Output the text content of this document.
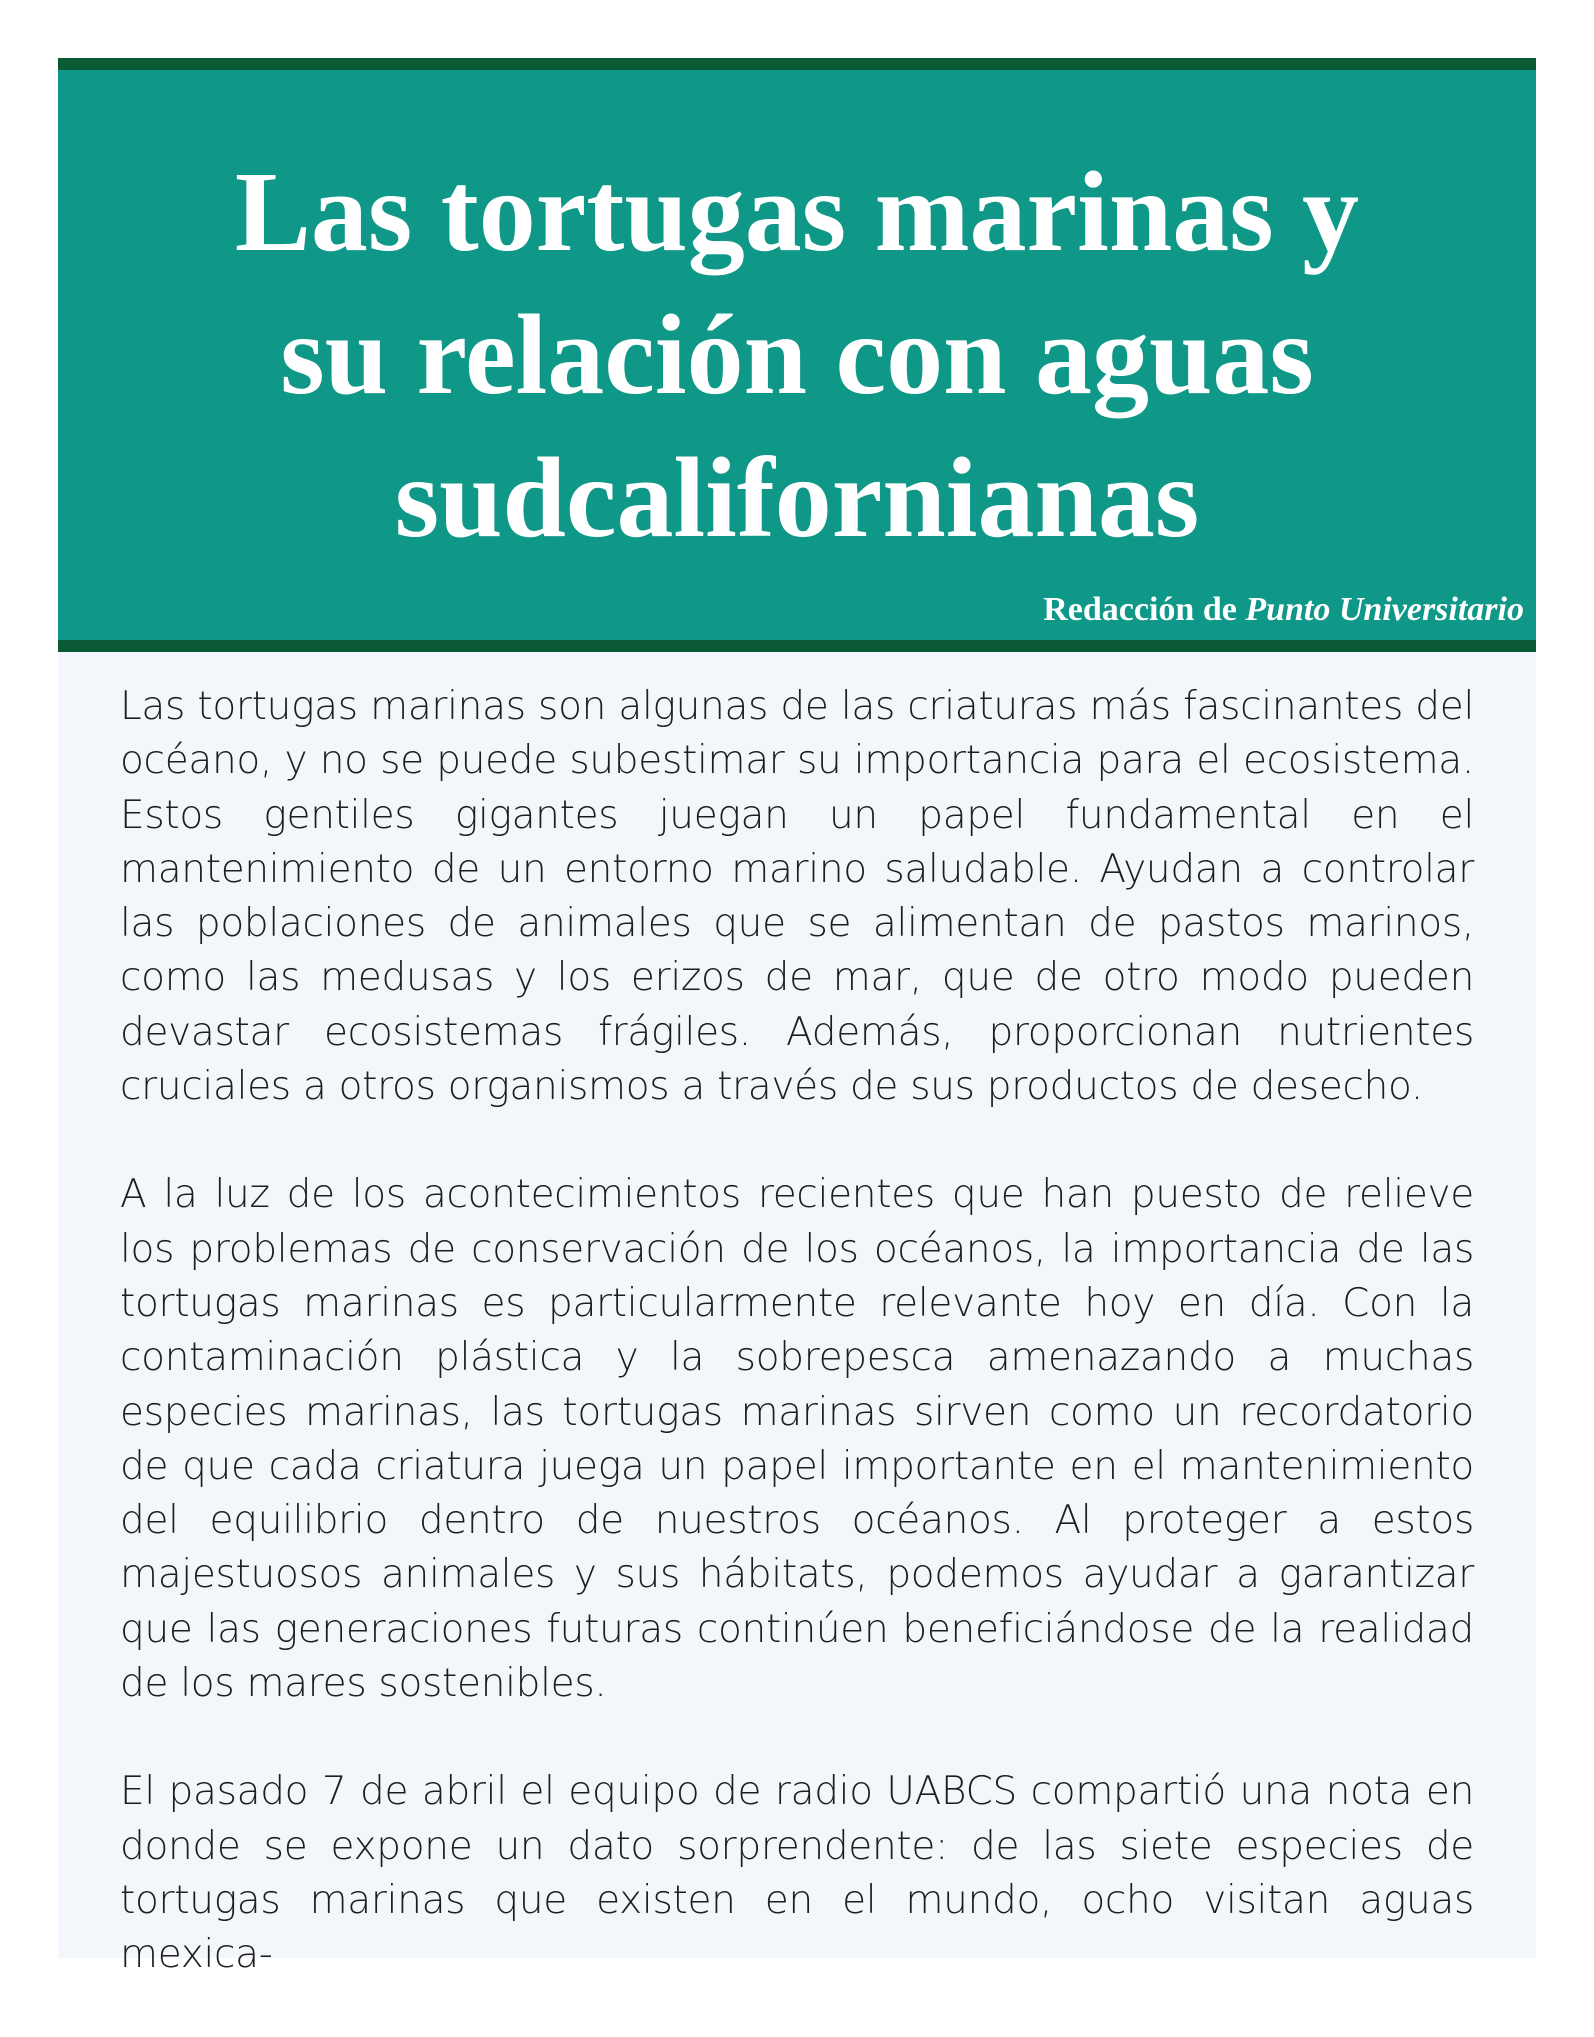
Las tortugas marinas y
su relación con aguas
sudcalifornianas
Redacción de Punto Universitario

Las tortugas marinas son algunas de las criaturas más fascinantes del océano, y no se puede subestimar su importancia para el ecosistema. Estos gentiles gigantes juegan un papel fundamental en el mantenimiento de un entorno marino saludable. Ayudan a controlar las poblaciones de animales que se alimentan de pastos marinos, como las medusas y los erizos de mar, que de otro modo pueden devastar ecosistemas frágiles. Además, proporcionan nutrientes cruciales a otros organismos a través de sus productos de desecho.

A la luz de los acontecimientos recientes que han puesto de relieve los problemas de conservación de los océanos, la importancia de las tortugas marinas es particularmente relevante hoy en día. Con la contaminación plástica y la sobrepesca amenazando a muchas especies marinas, las tortugas marinas sirven como un recordatorio de que cada criatura juega un papel importante en el mantenimiento del equilibrio dentro de nuestros océanos. Al proteger a estos majestuosos animales y sus hábitats, podemos ayudar a garantizar que las generaciones futuras continúen beneficiándose de la realidad de los mares sostenibles.

El pasado 7 de abril el equipo de radio UABCS compartió una nota en donde se expone un dato sorprendente: de las siete especies de tortugas marinas que existen en el mundo, ocho visitan aguas mexica-
